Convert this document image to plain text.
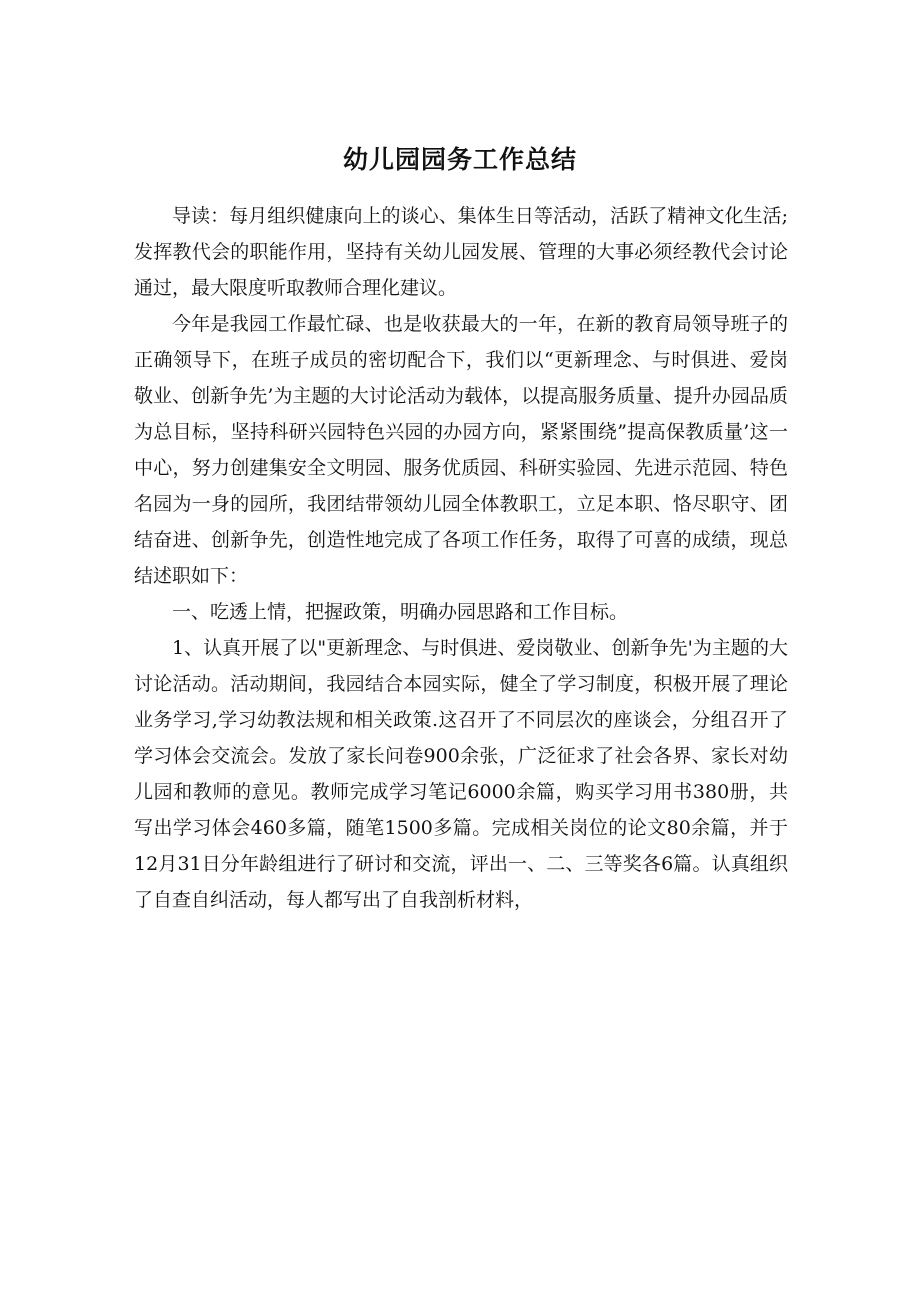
幼儿园园务工作总结

导读：每月组织健康向上的谈心、集体生日等活动，活跃了精神文化生活;发挥教代会的职能作用，坚持有关幼儿园发展、管理的大事必须经教代会讨论通过，最大限度听取教师合理化建议。

今年是我园工作最忙碌、也是收获最大的一年，在新的教育局领导班子的正确领导下，在班子成员的密切配合下，我们以“更新理念、与时俱进、爱岗敬业、创新争先’为主题的大讨论活动为载体，以提高服务质量、提升办园品质为总目标，坚持科研兴园特色兴园的办园方向，紧紧围绕”提高保教质量’这一中心，努力创建集安全文明园、服务优质园、科研实验园、先进示范园、特色名园为一身的园所，我团结带领幼儿园全体教职工，立足本职、恪尽职守、团结奋进、创新争先，创造性地完成了各项工作任务，取得了可喜的成绩，现总结述职如下：

一、吃透上情，把握政策，明确办园思路和工作目标。

1、认真开展了以"更新理念、与时俱进、爱岗敬业、创新争先'为主题的大讨论活动。活动期间，我园结合本园实际，健全了学习制度，积极开展了理论业务学习,学习幼教法规和相关政策.这召开了不同层次的座谈会，分组召开了学习体会交流会。发放了家长问卷900余张，广泛征求了社会各界、家长对幼儿园和教师的意见。教师完成学习笔记6000余篇，购买学习用书380册，共写出学习体会460多篇，随笔1500多篇。完成相关岗位的论文80余篇，并于12月31日分年龄组进行了研讨和交流，评出一、二、三等奖各6篇。认真组织了自查自纠活动，每人都写出了自我剖析材料，
